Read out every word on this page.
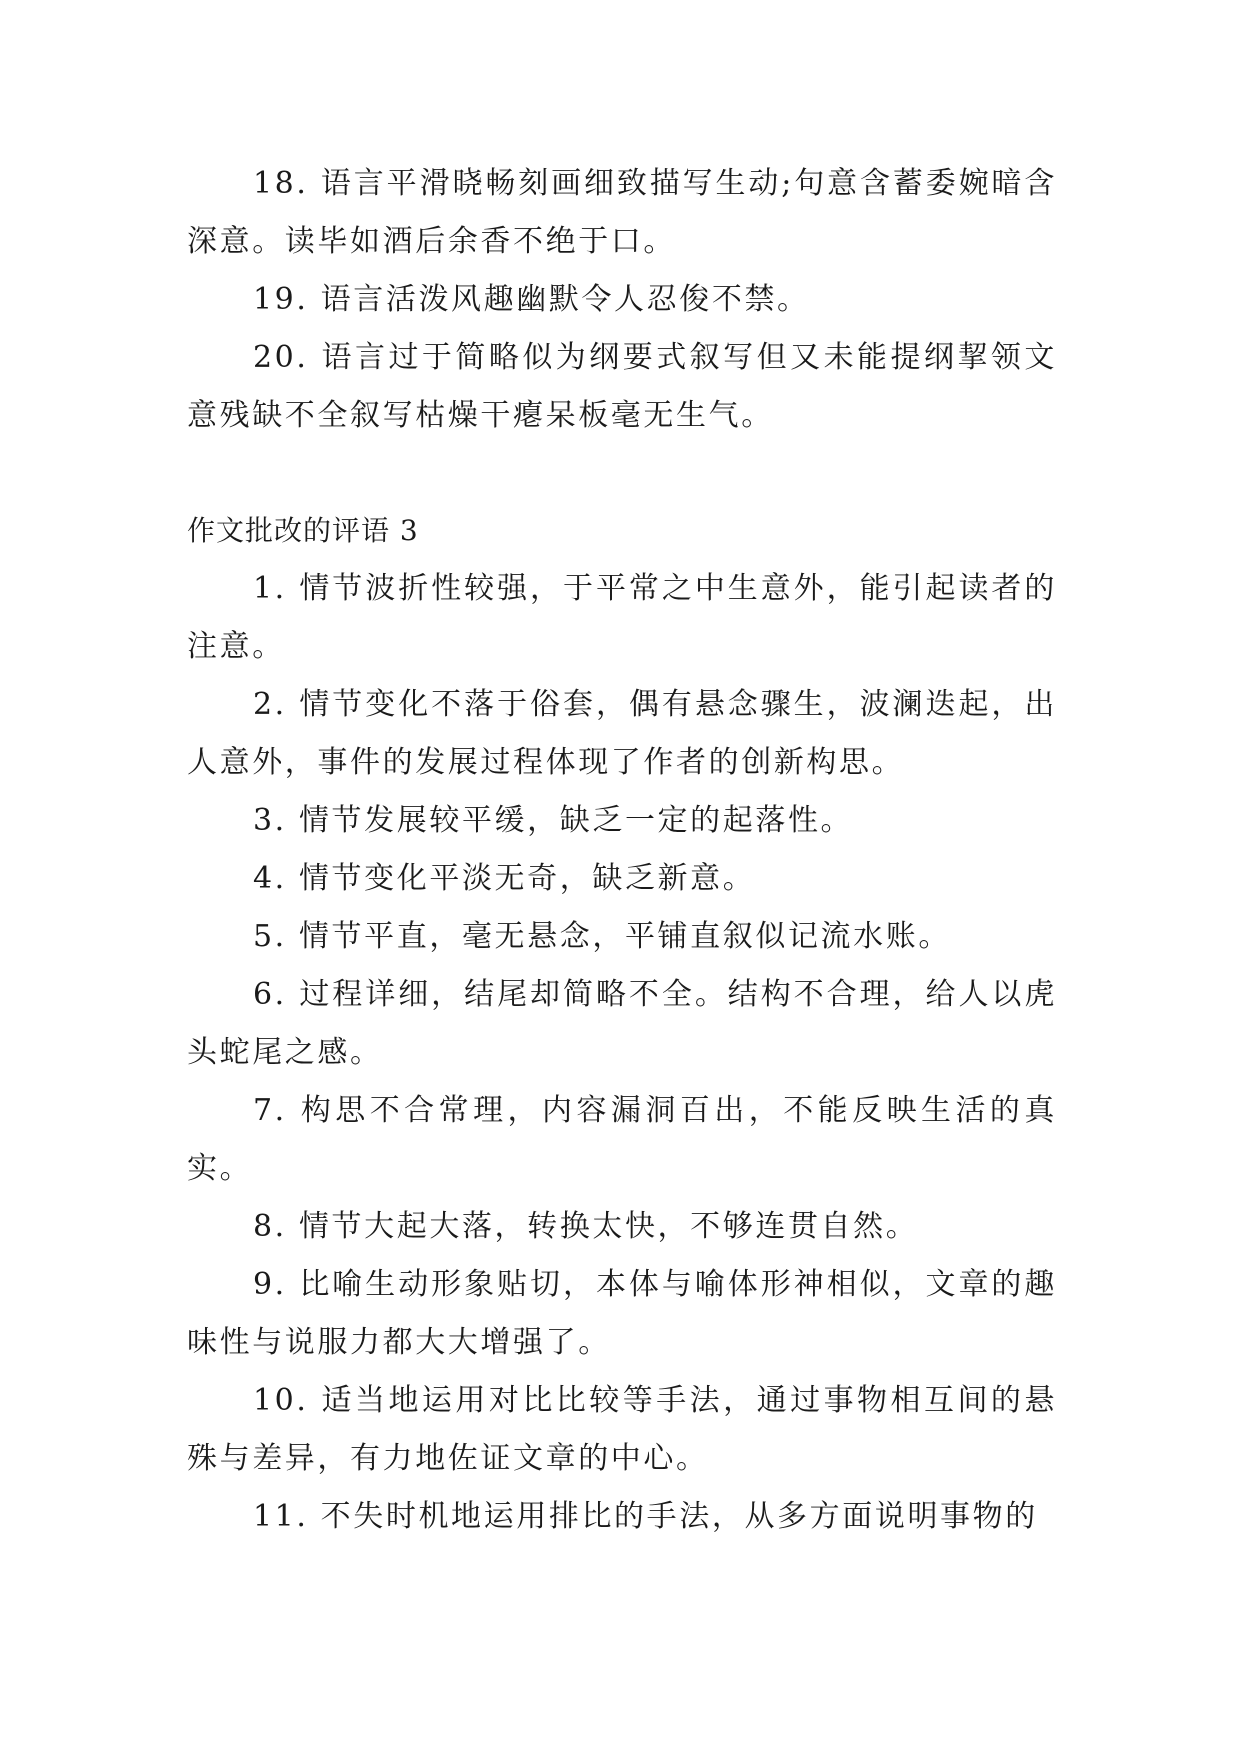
18. 语言平滑晓畅刻画细致描写生动;句意含蓄委婉暗含深意。读毕如酒后余香不绝于口。

19. 语言活泼风趣幽默令人忍俊不禁。

20. 语言过于简略似为纲要式叙写但又未能提纲挈领文意残缺不全叙写枯燥干瘪呆板毫无生气。

作文批改的评语 3

1. 情节波折性较强，于平常之中生意外，能引起读者的注意。

2. 情节变化不落于俗套，偶有悬念骤生，波澜迭起，出人意外，事件的发展过程体现了作者的创新构思。

3. 情节发展较平缓，缺乏一定的起落性。

4. 情节变化平淡无奇，缺乏新意。

5. 情节平直，毫无悬念，平铺直叙似记流水账。

6. 过程详细，结尾却简略不全。结构不合理，给人以虎头蛇尾之感。

7. 构思不合常理，内容漏洞百出，不能反映生活的真实。

8. 情节大起大落，转换太快，不够连贯自然。

9. 比喻生动形象贴切，本体与喻体形神相似，文章的趣味性与说服力都大大增强了。

10. 适当地运用对比比较等手法，通过事物相互间的悬殊与差异，有力地佐证文章的中心。

11. 不失时机地运用排比的手法，从多方面说明事物的
